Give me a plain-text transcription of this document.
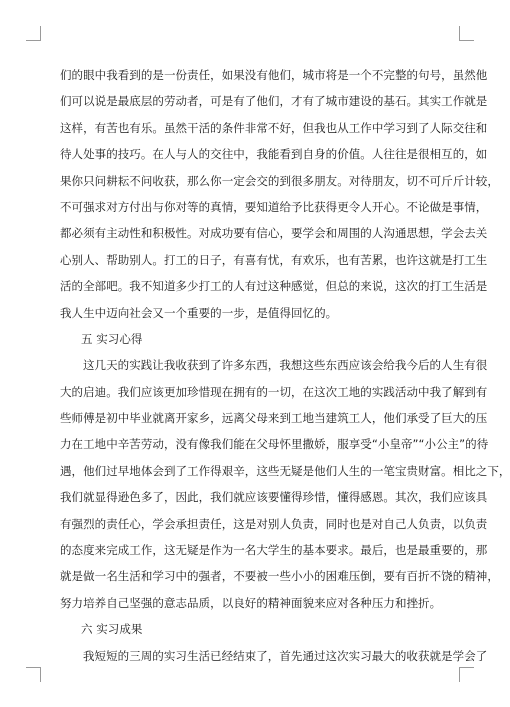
们的眼中我看到的是一份责任，如果没有他们，城市将是一个不完整的句号，虽然他
们可以说是最底层的劳动者，可是有了他们，才有了城市建设的基石。其实工作就是
这样，有苦也有乐。虽然干活的条件非常不好，但我也从工作中学习到了人际交往和
待人处事的技巧。在人与人的交往中，我能看到自身的价值。人往往是很相互的，如
果你只问耕耘不问收获，那么你一定会交的到很多朋友。对待朋友，切不可斤斤计较，
不可强求对方付出与你对等的真情，要知道给予比获得更令人开心。不论做是事情，
都必须有主动性和积极性。对成功要有信心，要学会和周围的人沟通思想，学会去关
心别人、帮助别人。打工的日子，有喜有忧，有欢乐，也有苦累，也许这就是打工生
活的全部吧。我不知道多少打工的人有过这种感觉，但总的来说，这次的打工生活是
我人生中迈向社会又一个重要的一步，是值得回忆的。
五 实习心得
这几天的实践让我收获到了许多东西，我想这些东西应该会给我今后的人生有很
大的启迪。我们应该更加珍惜现在拥有的一切，在这次工地的实践活动中我了解到有
些师傅是初中毕业就离开家乡，远离父母来到工地当建筑工人，他们承受了巨大的压
力在工地中辛苦劳动，没有像我们能在父母怀里撒娇，服享受“小皇帝”“小公主”的待
遇，他们过早地体会到了工作得艰辛，这些无疑是他们人生的一笔宝贵财富。相比之下，
我们就显得逊色多了，因此，我们就应该要懂得珍惜，懂得感恩。其次，我们应该具
有强烈的责任心，学会承担责任，这是对别人负责，同时也是对自己人负责，以负责
的态度来完成工作，这无疑是作为一名大学生的基本要求。最后，也是最重要的，那
就是做一名生活和学习中的强者，不要被一些小小的困难压倒，要有百折不饶的精神，
努力培养自己坚强的意志品质，以良好的精神面貌来应对各种压力和挫折。
六 实习成果
我短短的三周的实习生活已经结束了，首先通过这次实习最大的收获就是学会了
